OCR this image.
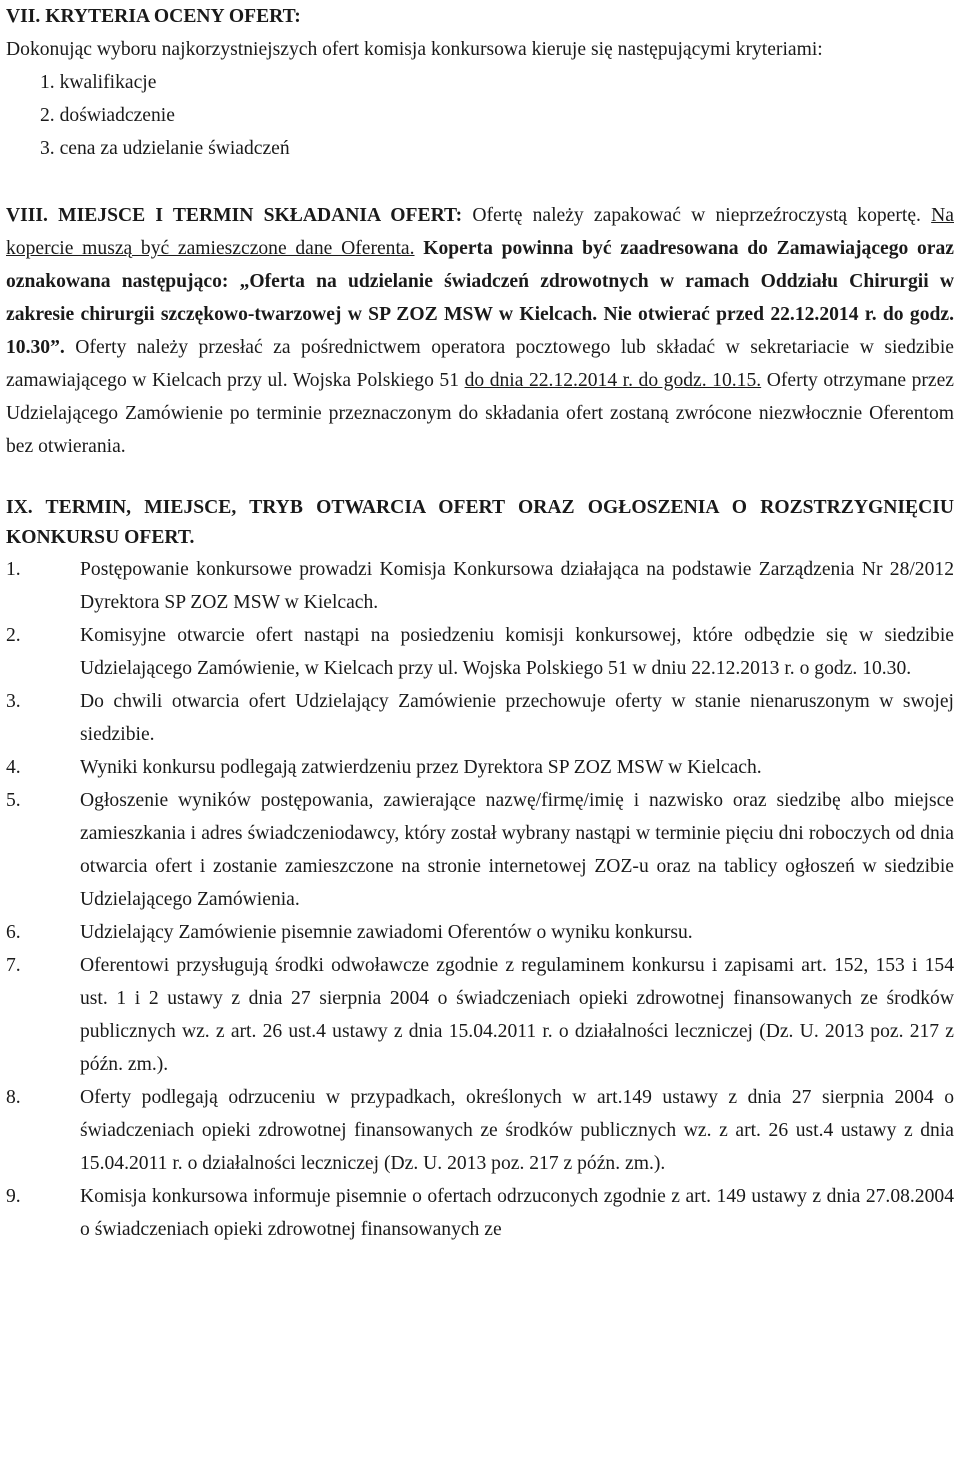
VII. KRYTERIA OCENY OFERT:

Dokonując wyboru najkorzystniejszych ofert komisja konkursowa kieruje się następującymi kryteriami:

1. kwalifikacje
2. doświadczenie
3. cena za udzielanie świadczeń

VIII. MIEJSCE I TERMIN SKŁADANIA OFERT: Ofertę należy zapakować w nieprzeźroczystą kopertę. Na kopercie muszą być zamieszczone dane Oferenta. Koperta powinna być zaadresowana do Zamawiającego oraz oznakowana następująco: „Oferta na udzielanie świadczeń zdrowotnych w ramach Oddziału Chirurgii w zakresie chirurgii szczękowo-twarzowej w SP ZOZ MSW w Kielcach. Nie otwierać przed 22.12.2014 r. do godz. 10.30”. Oferty należy przesłać za pośrednictwem operatora pocztowego lub składać w sekretariacie w siedzibie zamawiającego w Kielcach przy ul. Wojska Polskiego 51 do dnia 22.12.2014 r. do godz. 10.15. Oferty otrzymane przez Udzielającego Zamówienie po terminie przeznaczonym do składania ofert zostaną zwrócone niezwłocznie Oferentom bez otwierania.

IX. TERMIN, MIEJSCE, TRYB OTWARCIA OFERT ORAZ OGŁOSZENIA O ROZSTRZYGNIĘCIU KONKURSU OFERT.
1.	Postępowanie konkursowe prowadzi Komisja Konkursowa działająca na podstawie Zarządzenia Nr 28/2012 Dyrektora SP ZOZ MSW w Kielcach.
2.	Komisyjne otwarcie ofert nastąpi na posiedzeniu komisji konkursowej, które odbędzie się w siedzibie Udzielającego Zamówienie, w Kielcach przy ul. Wojska Polskiego 51 w dniu 22.12.2013 r. o godz. 10.30.
3.	Do chwili otwarcia ofert Udzielający Zamówienie przechowuje oferty w stanie nienaruszonym w swojej siedzibie.
4.	Wyniki konkursu podlegają zatwierdzeniu przez Dyrektora SP ZOZ MSW w Kielcach.
5.	Ogłoszenie wyników postępowania, zawierające nazwę/firmę/imię i nazwisko oraz siedzibę albo miejsce zamieszkania i adres świadczeniodawcy, który został wybrany nastąpi w terminie pięciu dni roboczych od dnia otwarcia ofert i zostanie zamieszczone na stronie internetowej ZOZ-u oraz na tablicy ogłoszeń w siedzibie Udzielającego Zamówienia.
6.	Udzielający Zamówienie pisemnie zawiadomi Oferentów o wyniku konkursu.
7.	Oferentowi przysługują środki odwoławcze zgodnie z regulaminem konkursu i zapisami art. 152, 153 i 154 ust. 1 i 2 ustawy z dnia 27 sierpnia 2004 o świadczeniach opieki zdrowotnej finansowanych ze środków publicznych wz. z art. 26 ust.4 ustawy z dnia 15.04.2011 r. o działalności leczniczej (Dz. U. 2013 poz. 217 z późn. zm.).
8.	Oferty podlegają odrzuceniu w przypadkach, określonych w art.149 ustawy z dnia 27 sierpnia 2004 o świadczeniach opieki zdrowotnej finansowanych ze środków publicznych wz. z art. 26 ust.4 ustawy z dnia 15.04.2011 r. o działalności leczniczej (Dz. U. 2013 poz. 217 z późn. zm.).
9.	Komisja konkursowa informuje pisemnie o ofertach odrzuconych zgodnie z art. 149 ustawy z dnia 27.08.2004 o świadczeniach opieki zdrowotnej finansowanych ze
